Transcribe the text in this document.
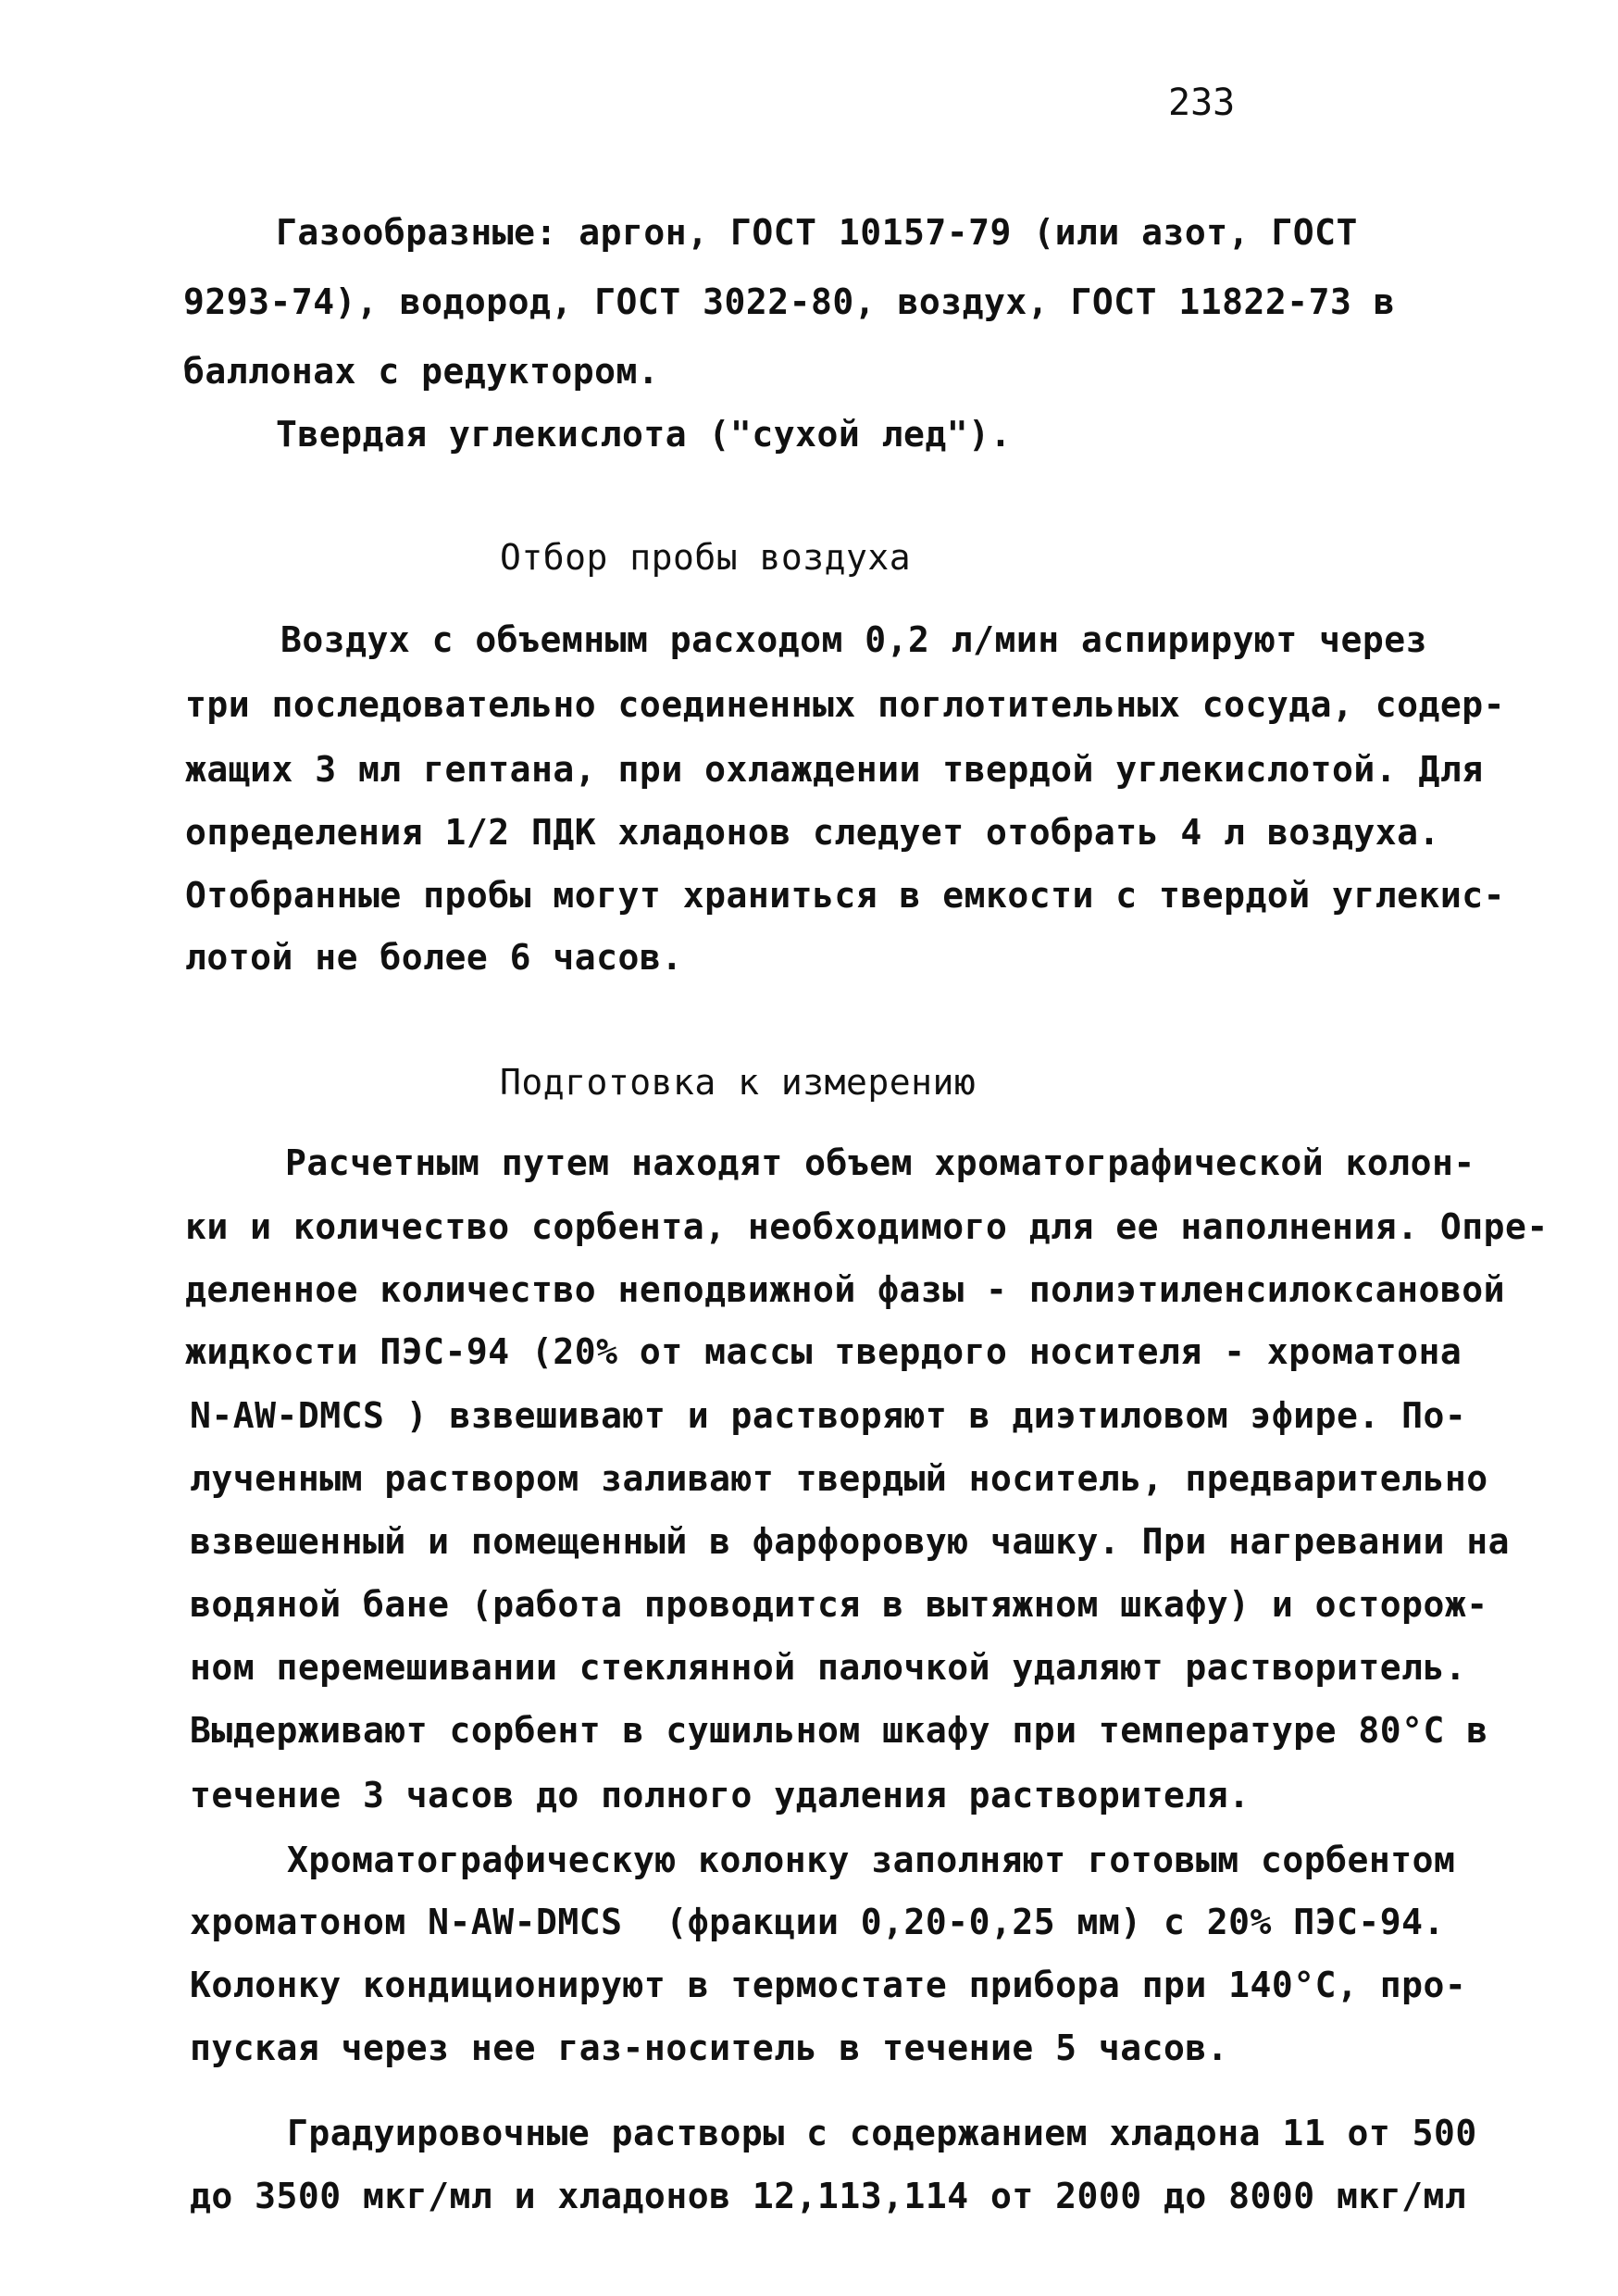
233
Газообразные: аргон, ГОСТ 10157-79 (или азот, ГОСТ
9293-74), водород, ГОСТ 3022-80, воздух, ГОСТ 11822-73 в
баллонах с редуктором.
Твердая углекислота ("сухой лед").
Отбор пробы воздуха
Воздух с объемным расходом 0,2 л/мин аспирируют через
три последовательно соединенных поглотительных сосуда, содер-
жащих 3 мл гептана, при охлаждении твердой углекислотой. Для
определения 1/2 ПДК хладонов следует отобрать 4 л воздуха.
Отобранные пробы могут храниться в емкости с твердой углекис-
лотой не более 6 часов.
Подготовка к измерению
Расчетным путем находят объем хроматографической колон-
ки и количество сорбента, необходимого для ее наполнения. Опре-
деленное количество неподвижной фазы - полиэтиленсилоксановой
жидкости ПЭС-94 (20% от массы твердого носителя - хроматона
N-AW-DMCS ) взвешивают и растворяют в диэтиловом эфире. По-
лученным раствором заливают твердый носитель, предварительно
взвешенный и помещенный в фарфоровую чашку. При нагревании на
водяной бане (работа проводится в вытяжном шкафу) и осторож-
ном перемешивании стеклянной палочкой удаляют растворитель.
Выдерживают сорбент в сушильном шкафу при температуре 80°С в
течение 3 часов до полного удаления растворителя.
Хроматографическую колонку заполняют готовым сорбентом
хроматоном N-AW-DMCS  (фракции 0,20-0,25 мм) с 20% ПЭС-94.
Колонку кондиционируют в термостате прибора при 140°С, про-
пуская через нее газ-носитель в течение 5 часов.
Градуировочные растворы с содержанием хладона 11 от 500
до 3500 мкг/мл и хладонов 12,113,114 от 2000 до 8000 мкг/мл
